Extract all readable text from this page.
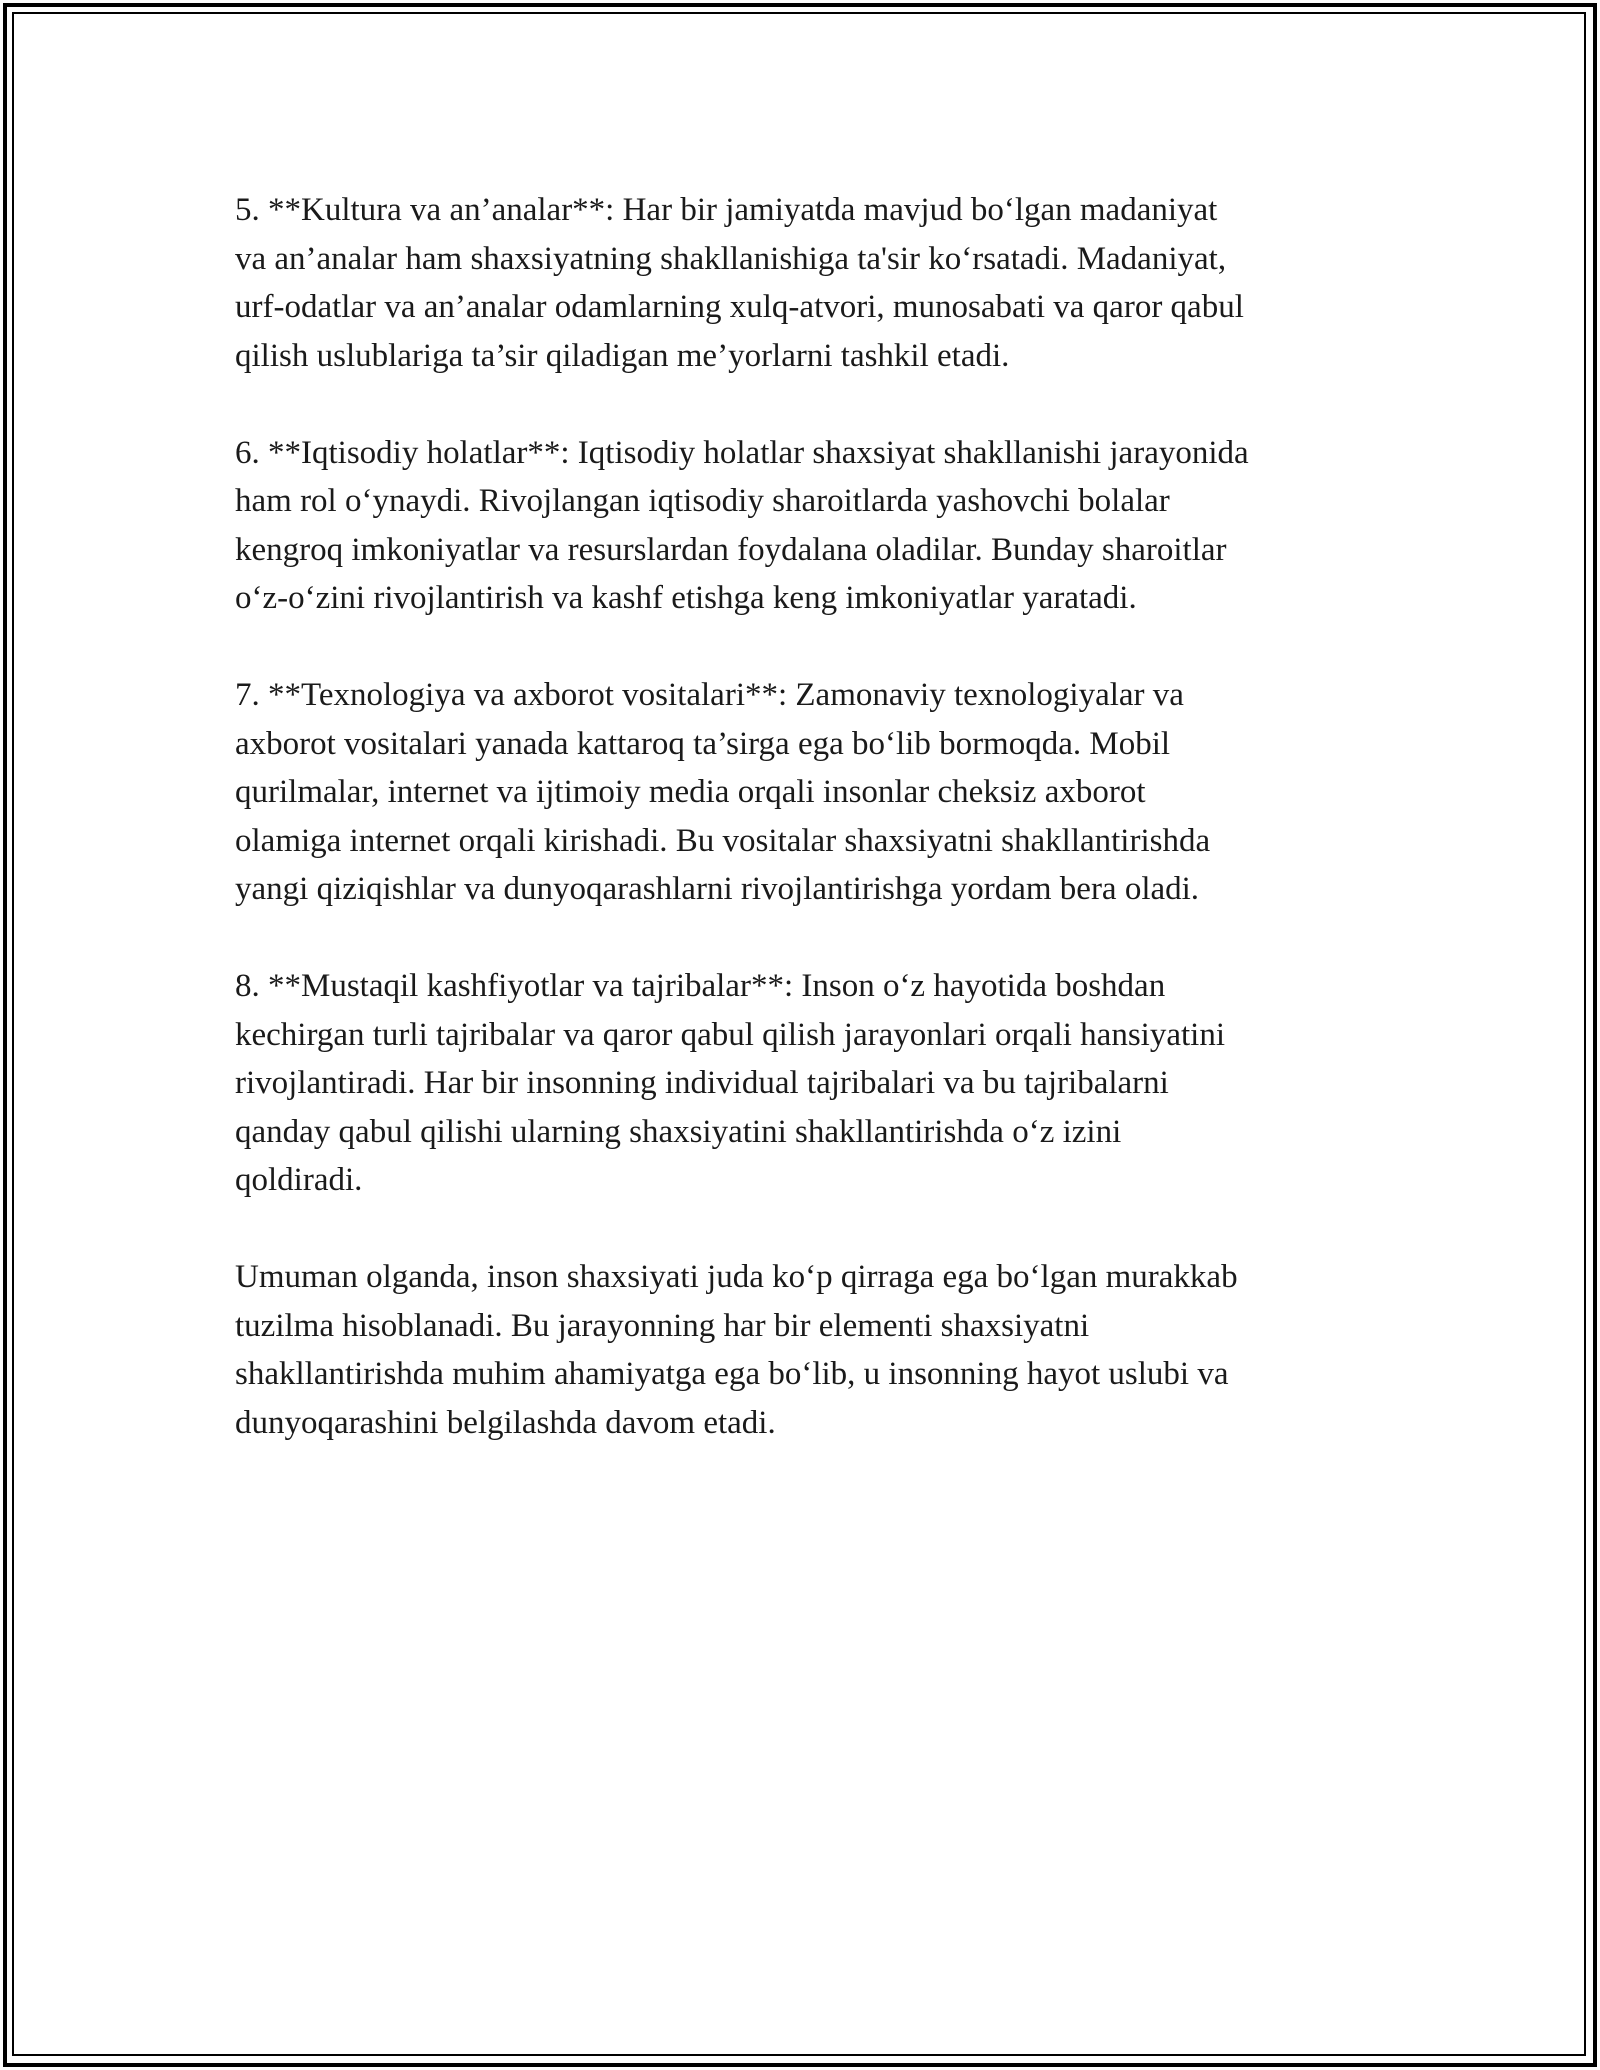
5. **Kultura va an’analar**: Har bir jamiyatda mavjud boʻlgan madaniyat
va an’analar ham shaxsiyatning shakllanishiga ta'sir koʻrsatadi. Madaniyat,
urf-odatlar va an’analar odamlarning xulq-atvori, munosabati va qaror qabul
qilish uslublariga ta’sir qiladigan me’yorlarni tashkil etadi.

6. **Iqtisodiy holatlar**: Iqtisodiy holatlar shaxsiyat shakllanishi jarayonida
ham rol oʻynaydi. Rivojlangan iqtisodiy sharoitlarda yashovchi bolalar
kengroq imkoniyatlar va resurslardan foydalana oladilar. Bunday sharoitlar
oʻz-oʻzini rivojlantirish va kashf etishga keng imkoniyatlar yaratadi.

7. **Texnologiya va axborot vositalari**: Zamonaviy texnologiyalar va
axborot vositalari yanada kattaroq ta’sirga ega boʻlib bormoqda. Mobil
qurilmalar, internet va ijtimoiy media orqali insonlar cheksiz axborot
olamiga internet orqali kirishadi. Bu vositalar shaxsiyatni shakllantirishda
yangi qiziqishlar va dunyoqarashlarni rivojlantirishga yordam bera oladi.

8. **Mustaqil kashfiyotlar va tajribalar**: Inson oʻz hayotida boshdan
kechirgan turli tajribalar va qaror qabul qilish jarayonlari orqali hansiyatini
rivojlantiradi. Har bir insonning individual tajribalari va bu tajribalarni
qanday qabul qilishi ularning shaxsiyatini shakllantirishda oʻz izini
qoldiradi.

Umuman olganda, inson shaxsiyati juda koʻp qirraga ega boʻlgan murakkab
tuzilma hisoblanadi. Bu jarayonning har bir elementi shaxsiyatni
shakllantirishda muhim ahamiyatga ega boʻlib, u insonning hayot uslubi va
dunyoqarashini belgilashda davom etadi.
